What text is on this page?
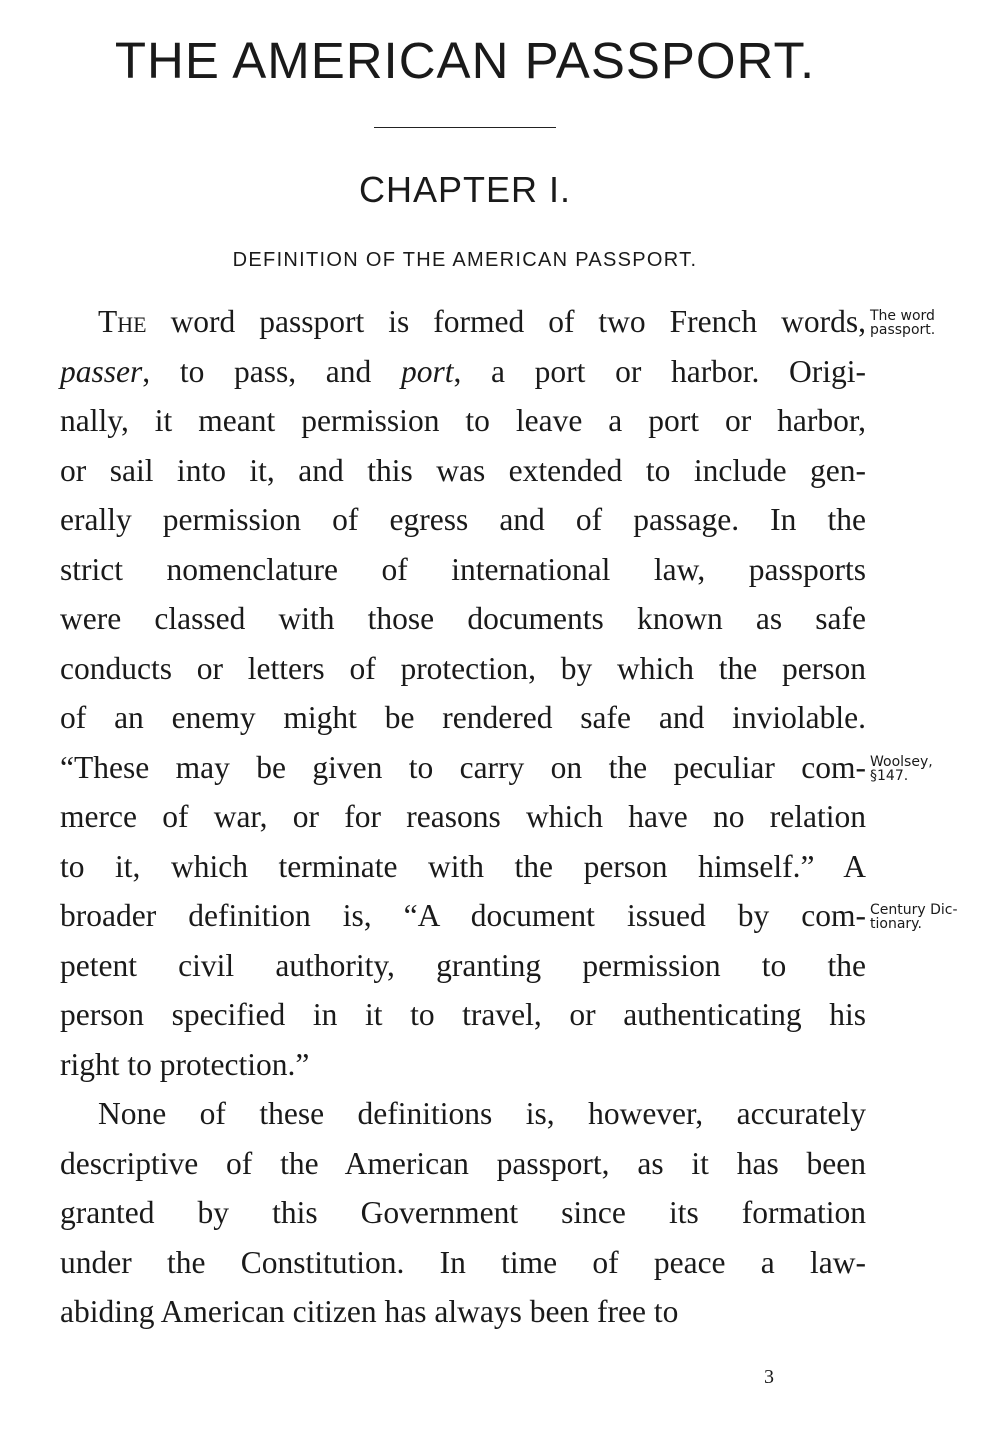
THE AMERICAN PASSPORT.
CHAPTER I.
DEFINITION OF THE AMERICAN PASSPORT.
The word passport is formed of two French words,
passer, to pass, and port, a port or harbor. Origi-
nally, it meant permission to leave a port or harbor,
or sail into it, and this was extended to include gen-
erally permission of egress and of passage. In the
strict nomenclature of international law, passports
were classed with those documents known as safe
conducts or letters of protection, by which the person
of an enemy might be rendered safe and inviolable.
“These may be given to carry on the peculiar com-
merce of war, or for reasons which have no relation
to it, which terminate with the person himself.” A
broader definition is, “A document issued by com-
petent civil authority, granting permission to the
person specified in it to travel, or authenticating his
right to protection.”
None of these definitions is, however, accurately
descriptive of the American passport, as it has been
granted by this Government since its formation
under the Constitution. In time of peace a law-
abiding American citizen has always been free to
The word
passport.
Woolsey,
§147.
Century Dic-
tionary.
3
